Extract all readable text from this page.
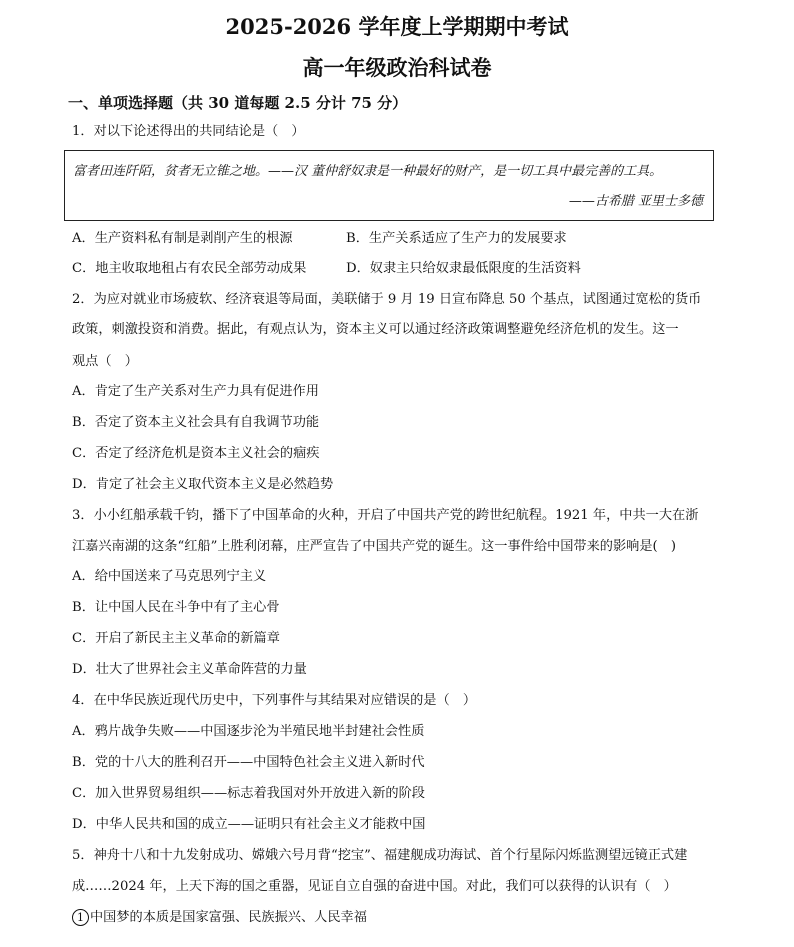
2025-2026 学年度上学期期中考试
高一年级政治科试卷
一、单项选择题（共 30 道每题 2.5 分计 75 分）
1．对以下论述得出的共同结论是（　）
富者田连阡陌，贫者无立锥之地。——汉 董仲舒奴隶是一种最好的财产，是一切工具中最完善的工具。
——古希腊 亚里士多德
A．生产资料私有制是剥削产生的根源	B．生产关系适应了生产力的发展要求
C．地主收取地租占有农民全部劳动成果	D．奴隶主只给奴隶最低限度的生活资料
2．为应对就业市场疲软、经济衰退等局面，美联储于 9 月 19 日宣布降息 50 个基点，试图通过宽松的货币
政策，刺激投资和消费。据此，有观点认为，资本主义可以通过经济政策调整避免经济危机的发生。这一
观点（　）
A．肯定了生产关系对生产力具有促进作用
B．否定了资本主义社会具有自我调节功能
C．否定了经济危机是资本主义社会的痼疾
D．肯定了社会主义取代资本主义是必然趋势
3．小小红船承载千钧，播下了中国革命的火种，开启了中国共产党的跨世纪航程。1921 年，中共一大在浙
江嘉兴南湖的这条“红船”上胜利闭幕，庄严宣告了中国共产党的诞生。这一事件给中国带来的影响是(　)
A．给中国送来了马克思列宁主义
B．让中国人民在斗争中有了主心骨
C．开启了新民主主义革命的新篇章
D．壮大了世界社会主义革命阵营的力量
4．在中华民族近现代历史中，下列事件与其结果对应错误的是（　）
A．鸦片战争失败——中国逐步沦为半殖民地半封建社会性质
B．党的十八大的胜利召开——中国特色社会主义进入新时代
C．加入世界贸易组织——标志着我国对外开放进入新的阶段
D．中华人民共和国的成立——证明只有社会主义才能救中国
5．神舟十八和十九发射成功、嫦娥六号月背“挖宝”、福建舰成功海试、首个行星际闪烁监测望远镜正式建
成……2024 年，上天下海的国之重器，见证自立自强的奋进中国。对此，我们可以获得的认识有（　）
1 中国梦的本质是国家富强、民族振兴、人民幸福
